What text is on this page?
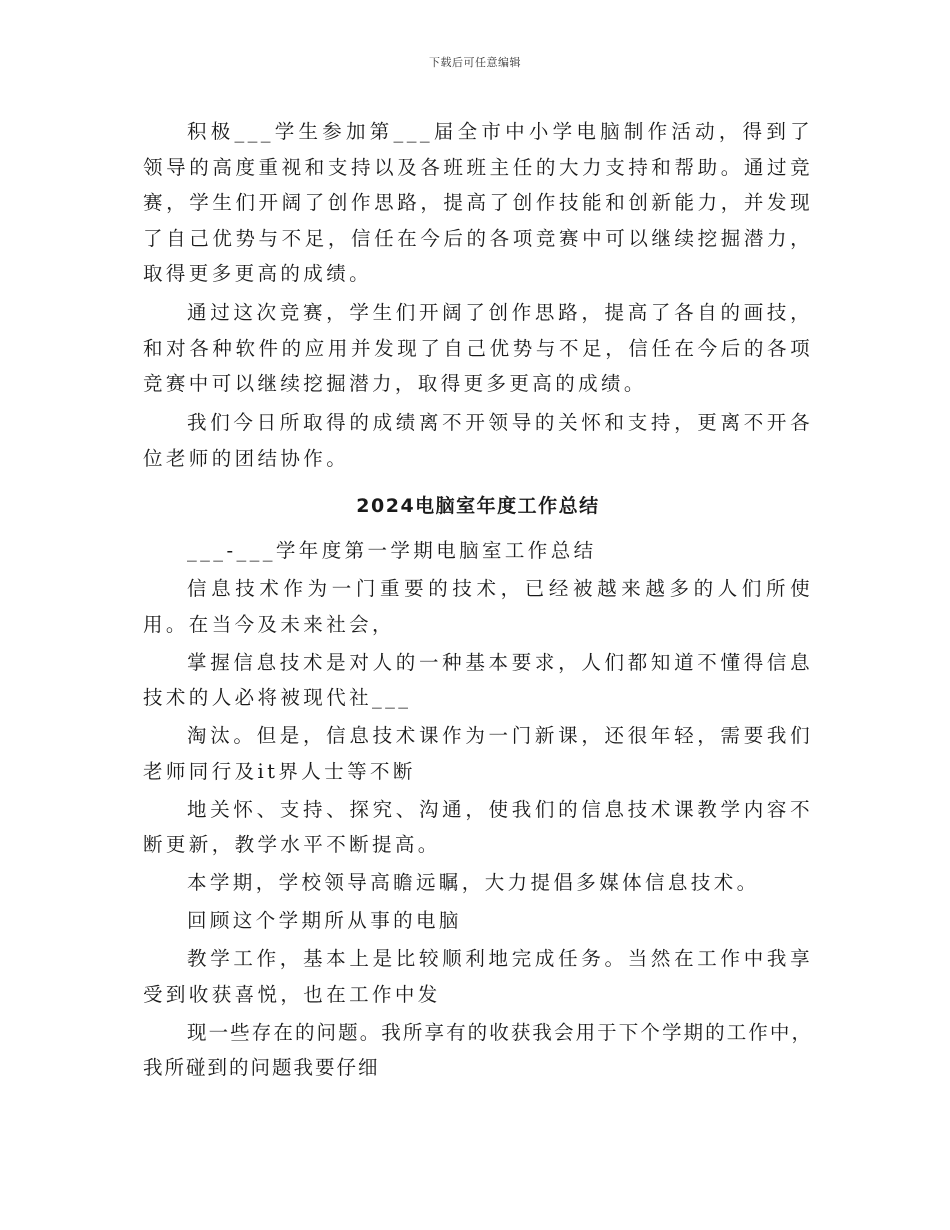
下载后可任意编辑

积极___学生参加第___届全市中小学电脑制作活动，得到了领导的高度重视和支持以及各班班主任的大力支持和帮助。通过竞赛，学生们开阔了创作思路，提高了创作技能和创新能力，并发现了自己优势与不足，信任在今后的各项竞赛中可以继续挖掘潜力，取得更多更高的成绩。

通过这次竞赛，学生们开阔了创作思路，提高了各自的画技，和对各种软件的应用并发现了自己优势与不足，信任在今后的各项竞赛中可以继续挖掘潜力，取得更多更高的成绩。

我们今日所取得的成绩离不开领导的关怀和支持，更离不开各位老师的团结协作。

2024电脑室年度工作总结

___-___学年度第一学期电脑室工作总结

信息技术作为一门重要的技术，已经被越来越多的人们所使用。在当今及未来社会，

掌握信息技术是对人的一种基本要求，人们都知道不懂得信息技术的人必将被现代社___

淘汰。但是，信息技术课作为一门新课，还很年轻，需要我们老师同行及it界人士等不断

地关怀、支持、探究、沟通，使我们的信息技术课教学内容不断更新，教学水平不断提高。

本学期，学校领导高瞻远瞩，大力提倡多媒体信息技术。

回顾这个学期所从事的电脑

教学工作，基本上是比较顺利地完成任务。当然在工作中我享受到收获喜悦，也在工作中发

现一些存在的问题。我所享有的收获我会用于下个学期的工作中，我所碰到的问题我要仔细
